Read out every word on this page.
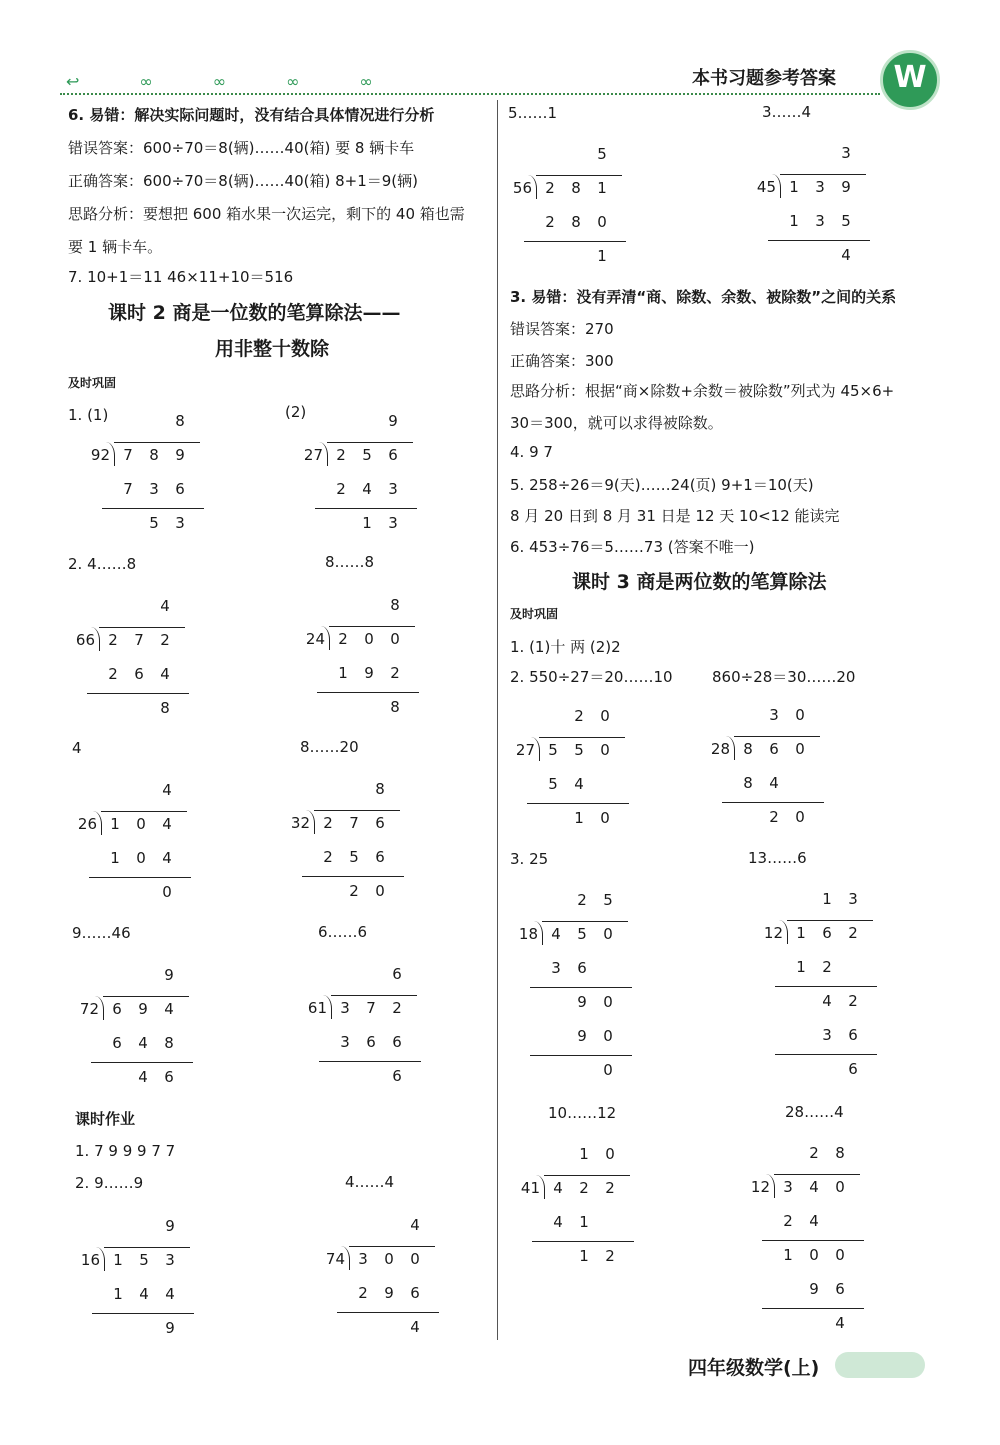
↩∞∞∞∞	本书习题参考答案	W
课时 2 商是一位数的笔算除法——
用非整十数除
课时 3 商是两位数的笔算除法
及时巩固
及时巩固
课时作业
6. 易错：解决实际问题时，没有结合具体情况进行分析
错误答案：600÷70＝8(辆)……40(箱) 要 8 辆卡车
正确答案：600÷70＝8(辆)……40(箱) 8+1＝9(辆)
思路分析：要想把 600 箱水果一次运完，剩下的 40 箱也需
要 1 辆卡车。
7. 10+1＝11 46×11+10＝516
1. (1)	(2)
2. 4……8	8……8
4	8……20
9……46	6……6
1. 7 9 9 9 7 7
2. 9……9	4……4
5……1	3……4
1. (1)十 两 (2)2
2. 550÷27＝20……10	860÷28＝30……20
3. 25	13……6
10……12	28……4
3. 易错：没有弄清“商、除数、余数、被除数”之间的关系
错误答案：270
正确答案：300
思路分析：根据“商×除数+余数＝被除数”列式为 45×6+
30＝300，就可以求得被除数。
4. 9 7
5. 258÷26＝9(天)……24(页) 9+1＝10(天)
8 月 20 日到 8 月 31 日是 12 天 10<12 能读完
6. 453÷76＝5……73 (答案不唯一)
8
92 7	8	9
7	3	6
5	3
9
27 2	5	6
2	4	3
1	3
4
66 2	7	2
2	6	4
8
8
24 2	0	0
1	9	2
8
4
26 1	0	4
1	0	4
0
8
32 2	7	6
2	5	6
2	0
9
72 6	9	4
6	4	8
4	6
6
61 3	7	2
3	6	6
6
9
16 1	5	3
1	4	4
9
4
74 3	0	0
2	9	6
4
5
56 2	8	1
2	8	0
1
3
45 1	3	9
1	3	5
4
2	0
27 5	5	0
5	4
1	0
3	0
28 8	6	0
8	4
2	0
2	5
18 4	5	0
3	6
9	0
9	0
0
1	3
12 1	6	2
1	2
4	2
3	6
6
1	0
41 4	2	2
4	1
1	2
2	8
12 3	4	0
2	4
1	0	0
9	6
4
四年级数学(上)
